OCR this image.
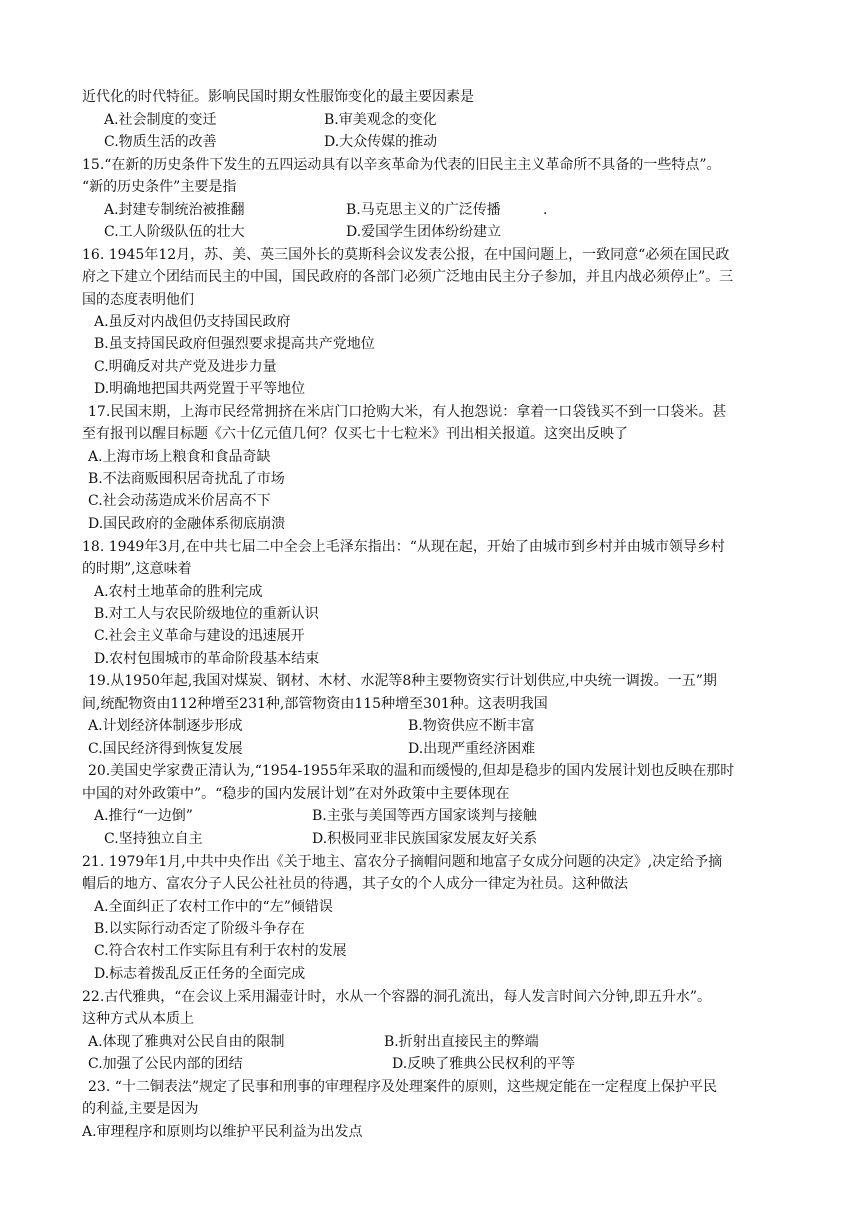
近代化的时代特征。影响民国时期女性服饰变化的最主要因素是
A.社会制度的变迁	B.审美观念的变化
C.物质生活的改善	D.大众传媒的推动
15.“在新的历史条件下发生的五四运动具有以辛亥革命为代表的旧民主主义革命所不具备的一些特点”。
“新的历史条件”主要是指
A.封建专制统治被推翻	B.马克思主义的广泛传播	.
C.工人阶级队伍的壮大	D.爱国学生团体纷纷建立
16. 1945年12月，苏、美、英三国外长的莫斯科会议发表公报，在中国问题上，一致同意“必须在国民政
府之下建立个团结而民主的中国，国民政府的各部门必须广泛地由民主分子参加，并且内战必须停止”。三
国的态度表明他们
A.虽反对内战但仍支持国民政府
B.虽支持国民政府但强烈要求提高共产党地位
C.明确反对共产党及进步力量
D.明确地把国共两党置于平等地位
17.民国末期，上海市民经常拥挤在米店门口抢购大米，有人抱怨说：拿着一口袋钱买不到一口袋米。甚
至有报刊以醒目标题《六十亿元值几何？仅买七十七粒米》刊出相关报道。这突出反映了
A.上海市场上粮食和食品奇缺
B.不法商贩囤积居奇扰乱了市场
C.社会动荡造成米价居高不下
D.国民政府的金融体系彻底崩溃
18. 1949年3月,在中共七届二中全会上毛泽东指出：“从现在起，开始了由城市到乡村并由城市领导乡村
的时期”,这意味着
A.农村土地革命的胜利完成
B.对工人与农民阶级地位的重新认识
C.社会主义革命与建设的迅速展开
D.农村包围城市的革命阶段基本结束
19.从1950年起,我国对煤炭、钢材、木材、水泥等8种主要物资实行计划供应,中央统一调拨。一五”期
间,统配物资由112种增至231种,部管物资由115种增至301种。这表明我国
A.计划经济体制逐步形成	B.物资供应不断丰富
C.国民经济得到恢复发展	D.出现严重经济困难
20.美国史学家费正清认为,“1954-1955年采取的温和而缓慢的,但却是稳步的国内发展计划也反映在那时
中国的对外政策中”。“稳步的国内发展计划”在对外政策中主要体现在
A.推行“一边倒”	B.主张与美国等西方国家谈判与接触
C.坚持独立自主	D.积极同亚非民族国家发展友好关系
21. 1979年1月,中共中央作出《关于地主、富农分子摘帽问题和地富子女成分问题的决定》,决定给予摘
帽后的地方、富农分子人民公社社员的待遇，其子女的个人成分一律定为社员。这种做法
A.全面纠正了农村工作中的“左”倾错误
B.以实际行动否定了阶级斗争存在
C.符合农村工作实际且有利于农村的发展
D.标志着拨乱反正任务的全面完成
22.古代雅典，“在会议上采用漏壶计时，水从一个容器的洞孔流出，每人发言时间六分钟,即五升水”。
这种方式从本质上
A.体现了雅典对公民自由的限制	B.折射出直接民主的弊端
C.加强了公民内部的团结	D.反映了雅典公民权利的平等
23. “十二铜表法”规定了民事和刑事的审理程序及处理案件的原则，这些规定能在一定程度上保护平民
的利益,主要是因为
A.审理程序和原则均以维护平民利益为出发点
